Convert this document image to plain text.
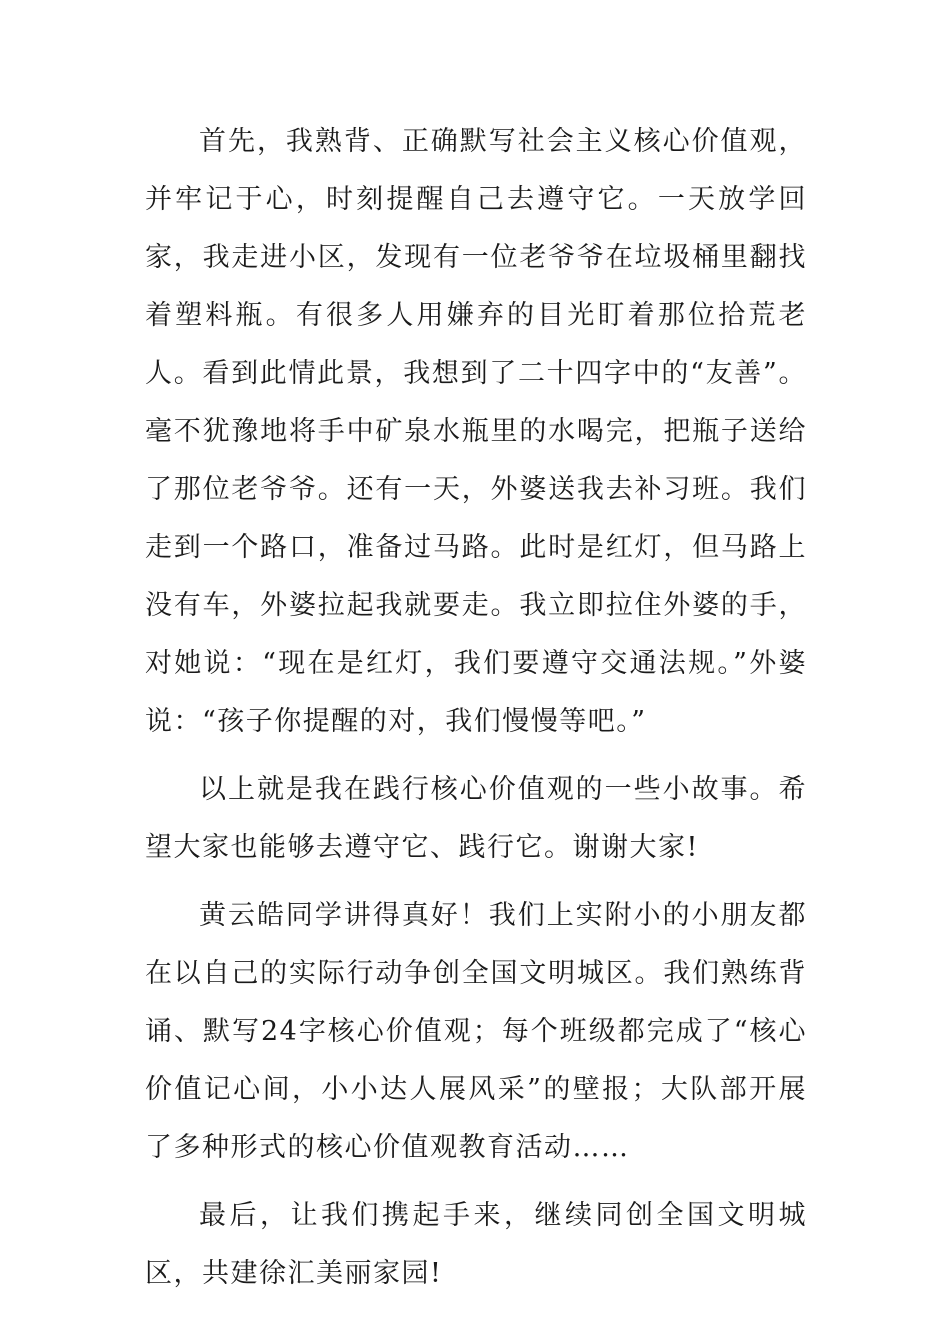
首先，我熟背、正确默写社会主义核心价值观，并牢记于心，时刻提醒自己去遵守它。一天放学回家，我走进小区，发现有一位老爷爷在垃圾桶里翻找着塑料瓶。有很多人用嫌弃的目光盯着那位拾荒老人。看到此情此景，我想到了二十四字中的“友善”。毫不犹豫地将手中矿泉水瓶里的水喝完，把瓶子送给了那位老爷爷。还有一天，外婆送我去补习班。我们走到一个路口，准备过马路。此时是红灯，但马路上没有车，外婆拉起我就要走。我立即拉住外婆的手，对她说：“现在是红灯，我们要遵守交通法规。”外婆说：“孩子你提醒的对，我们慢慢等吧。”

以上就是我在践行核心价值观的一些小故事。希望大家也能够去遵守它、践行它。谢谢大家!

黄云皓同学讲得真好！我们上实附小的小朋友都在以自己的实际行动争创全国文明城区。我们熟练背诵、默写24字核心价值观；每个班级都完成了“核心价值记心间，小小达人展风采”的壁报；大队部开展了多种形式的核心价值观教育活动……

最后，让我们携起手来，继续同创全国文明城区，共建徐汇美丽家园!
